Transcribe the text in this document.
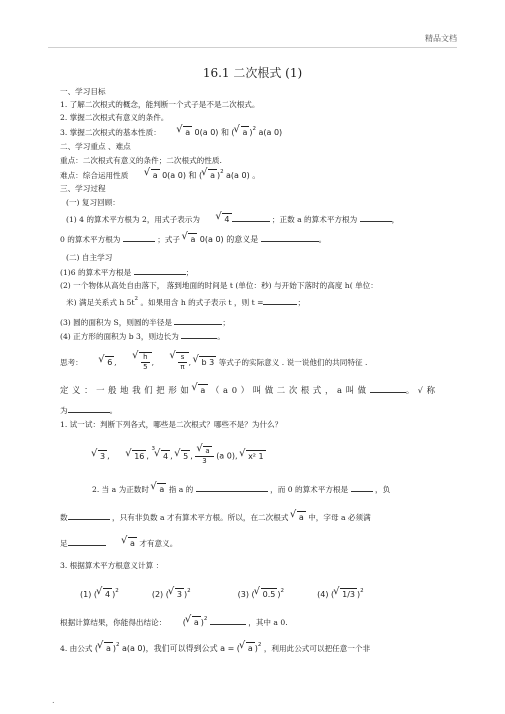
精品文档
16.1 二次根式 (1)
一、学习目标
1. 了解二次根式的概念，能判断一个式子是不是二次根式。
2. 掌握二次根式有意义的条件。
3. 掌握二次根式的基本性质：	√ a 0(a 0) 和 ( √ a )$^2$ a(a 0)
二、学习重点 、难点
重点：二次根式有意义的条件；二次根式的性质.
难点：综合运用性质	√ a 0(a 0) 和 ( √ a )$^2$ a(a 0) 。
三、学习过程
(一) 复习回顾：
(1) 4 的算术平方根为 2，用式子表示为	√ 4	；正数 a 的算术平方根为	，
0 的算术平方根为	；式子 √ a 0(a 0) 的意义是	。
(二) 自主学习
(1)6 的算术平方根是	；
(2) 一个物体从高处自由落下， 落到地面的时间是 t (单位：秒) 与开始下落时的高度 h( 单位：
米) 满足关系式 h $5t^2$ 。如果用含 h 的式子表示 t ，则 t =	；
(3) 圆的面积为 S，则圆的半径是	；
(4) 正方形的面积为 b 3，则边长为	。
思考：	√ 6 ,	√ $\frac{h}{5}$ ,	√ $\frac{s}{\pi}$ , √ b 3 等式子的实际意义 . 说一说他们的共同特征 .
定 义 ： 一 般 地 我 们 把 形 如 √ a （ a 0 ） 叫 做 二 次 根 式 ， a 叫 做	。 √ 称
为	。
1. 试一试：判断下列各式，哪些是二次根式？哪些不是？为什么？
√ 3 ,	√ 16 , $^3$√ 4 , √ 5 , √ $\frac{a}{3} (a$ 0), √ x² 1
2. 当 a 为正数时 √ a 指 a 的	，而 0 的算术平方根是	，负
数	，只有非负数 a 才有算术平方根。所以，在二次根式 √ a 中，字母 a 必须满
足	√ a 才有意义。
3. 根据算术平方根意义计算 ：
(1) ( √ 4 )$^2$	(2) ( √ 3 )$^2$	(3) ( √ 0.5 )$^2$	(4) ( √ 1/3 )$^2$
根据计算结果，你能得出结论： ( √ a )$^2$	，其中 a 0.
4. 由公式 ( √ a )$^2$ a(a 0)，我们可以得到公式 a = ( √ a )$^2$ ，利用此公式可以把任意一个非
.
